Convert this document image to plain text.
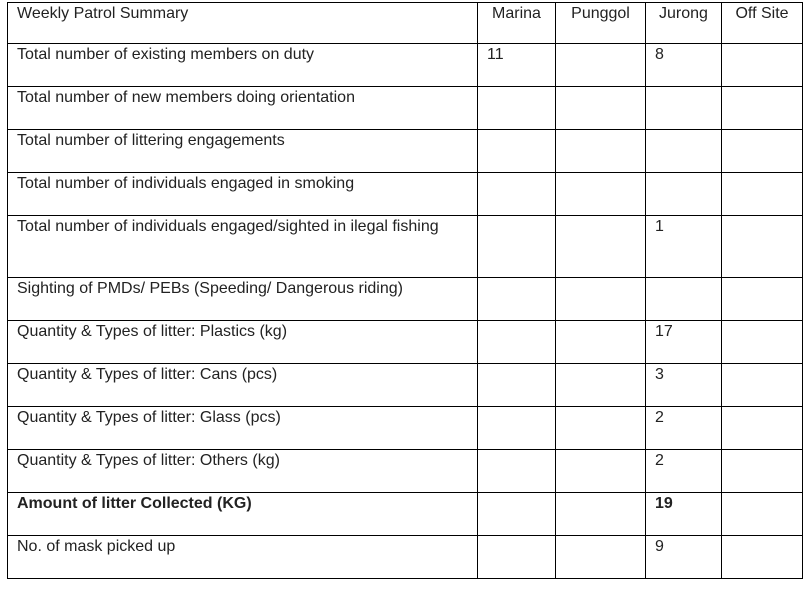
Weekly Patrol Summary	Marina	Punggol	Jurong	Off Site
Total number of existing members on duty	11		8	
Total number of new members doing orientation				
Total number of littering engagements				
Total number of individuals engaged in smoking				
Total number of individuals engaged/sighted in ilegal fishing			1	
Sighting of PMDs/ PEBs (Speeding/ Dangerous riding)				
Quantity & Types of litter: Plastics (kg)			17	
Quantity & Types of litter: Cans (pcs)			3	
Quantity & Types of litter: Glass (pcs)			2	
Quantity & Types of litter: Others (kg)			2	
Amount of litter Collected (KG)			19	
No. of mask picked up			9	
